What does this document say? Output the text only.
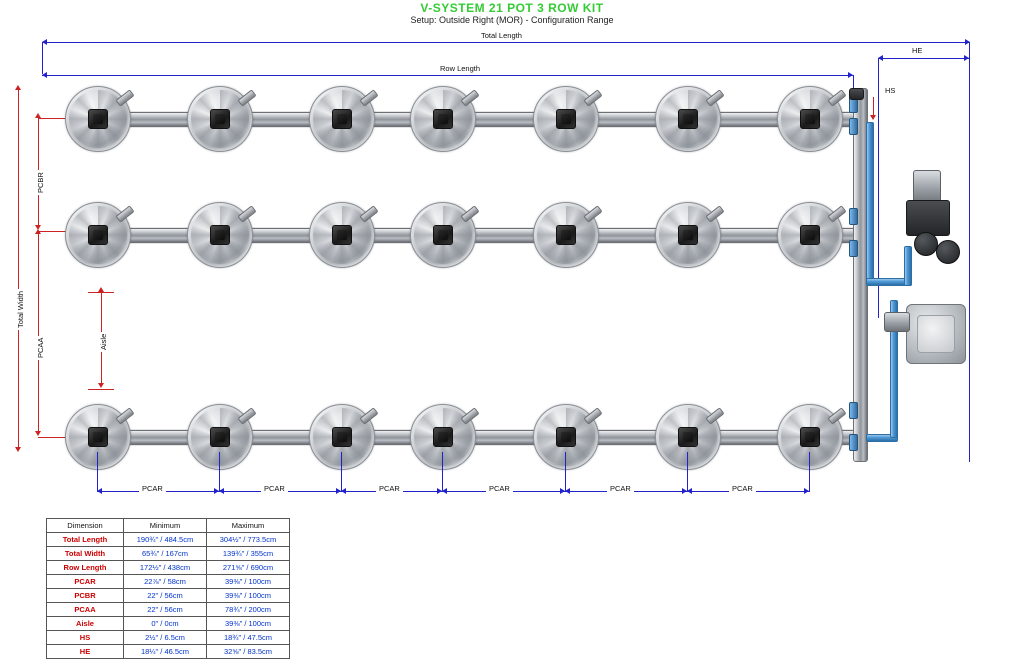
V-SYSTEM 21 POT 3 ROW KIT
Setup: Outside Right (MOR) - Configuration Range
Total Length
Row Length
HE
HS
Total Width
PCBR
PCAA	Aisle
PCAR	PCAR	PCAR	PCAR	PCAR	PCAR
Dimension	Minimum	Maximum
Total Length	190¾" / 484.5cm	304½" / 773.5cm
Total Width	65¾" / 167cm	139¾" / 355cm
Row Length	172½" / 438cm	271⅝" / 690cm
PCAR	22⅞" / 58cm	39⅜" / 100cm
PCBR	22" / 56cm	39⅜" / 100cm
PCAA	22" / 56cm	78¾" / 200cm
Aisle	0" / 0cm	39⅜" / 100cm
HS	2½" / 6.5cm	18¾" / 47.5cm
HE	18¼" / 46.5cm	32⅝" / 83.5cm
